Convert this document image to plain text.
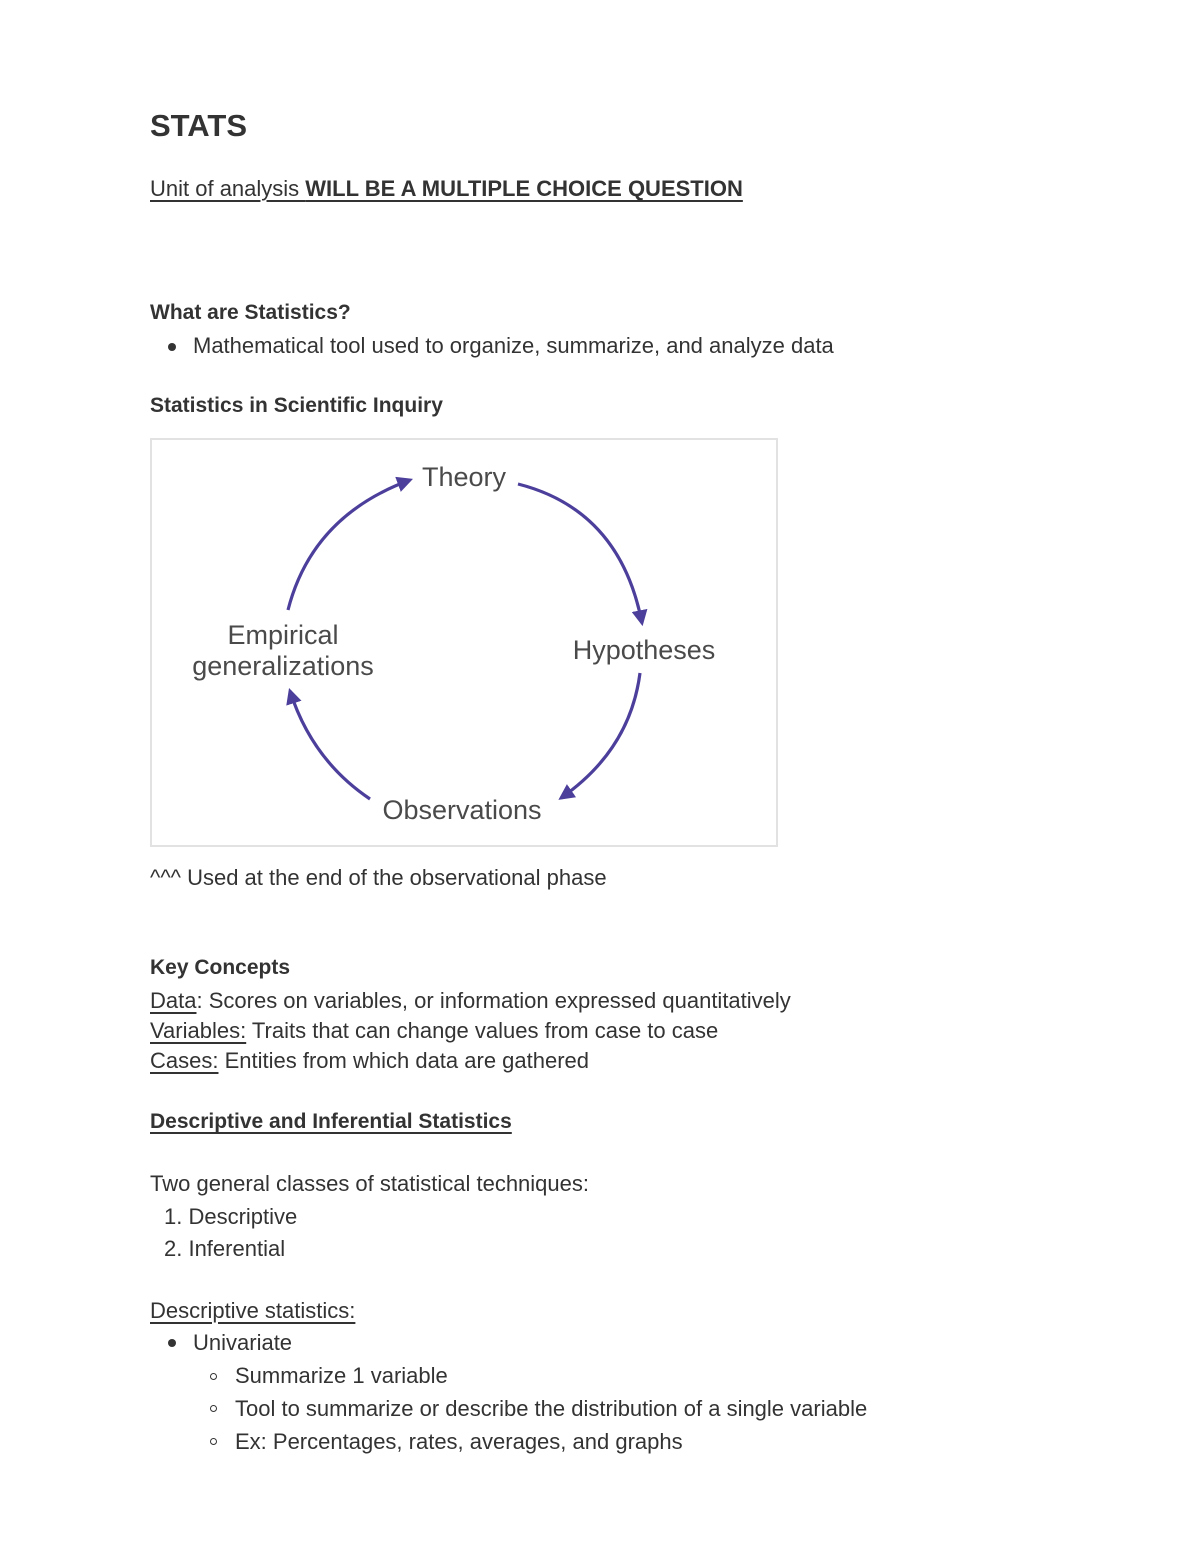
STATS
Unit of analysis WILL BE A MULTIPLE CHOICE QUESTION
What are Statistics?
Mathematical tool used to organize, summarize, and analyze data
Statistics in Scientific Inquiry
Theory
Hypotheses
Observations
Empirical
generalizations
^^^ Used at the end of the observational phase
Key Concepts
Data: Scores on variables, or information expressed quantitatively
Variables: Traits that can change values from case to case
Cases: Entities from which data are gathered
Descriptive and Inferential Statistics
Two general classes of statistical techniques:
1. Descriptive
2. Inferential
Descriptive statistics:
Univariate
Summarize 1 variable
Tool to summarize or describe the distribution of a single variable
Ex: Percentages, rates, averages, and graphs
